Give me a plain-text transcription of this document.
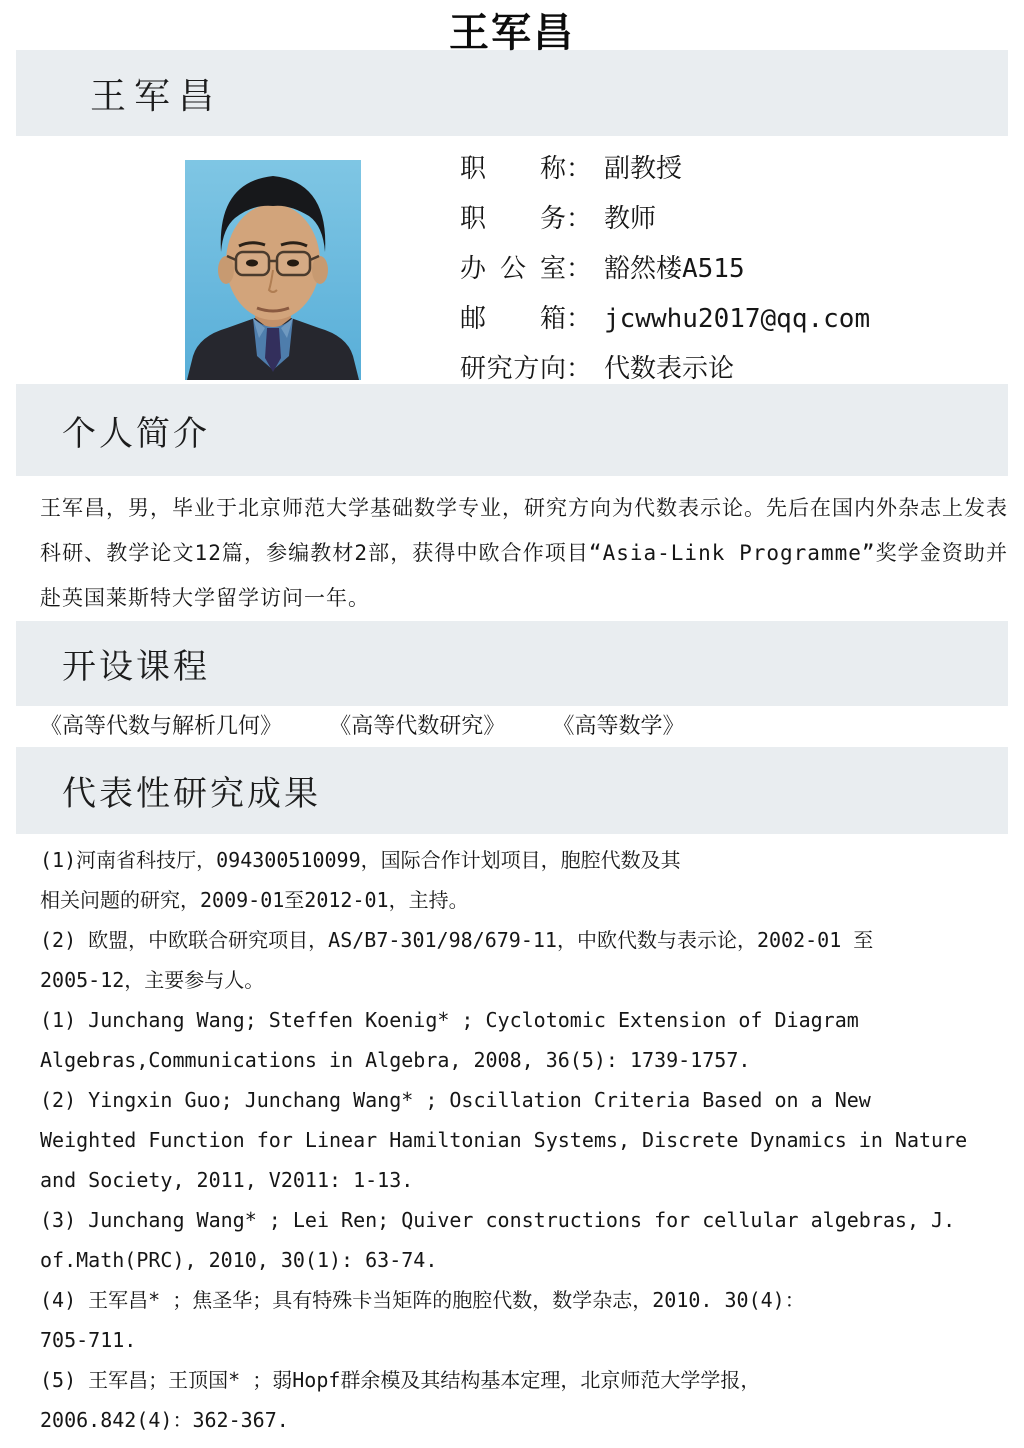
王军昌
王军昌
职称 ： 副教授
职务 ： 教师
办公室 ： 豁然楼A515
邮箱 ： jcwwhu2017@qq.com
研究方向 ： 代数表示论
个人简介

王军昌，男，毕业于北京师范大学基础数学专业，研究方向为代数表示论。先后在国内外杂志上发表科研、教学论文12篇，参编教材2部，获得中欧合作项目“Asia-Link Programme”奖学金资助并赴英国莱斯特大学留学访问一年。

开设课程
《高等代数与解析几何》 《高等代数研究》 《高等数学》
代表性研究成果
(1)河南省科技厅，094300510099，国际合作计划项目，胞腔代数及其
相关问题的研究，2009-01至2012-01，主持。
(2) 欧盟，中欧联合研究项目，AS/B7-301/98/679-11，中欧代数与表示论，2002-01 至
2005-12，主要参与人。
(1) Junchang Wang; Steffen Koenig* ; Cyclotomic Extension of Diagram
Algebras,Communications in Algebra, 2008, 36(5): 1739-1757.
(2) Yingxin Guo; Junchang Wang* ; Oscillation Criteria Based on a New
Weighted Function for Linear Hamiltonian Systems, Discrete Dynamics in Nature
and Society, 2011, V2011: 1-13.
(3) Junchang Wang* ; Lei Ren; Quiver constructions for cellular algebras, J.
of.Math(PRC), 2010, 30(1): 63-74.
(4) 王军昌* ；焦圣华；具有特殊卡当矩阵的胞腔代数，数学杂志，2010. 30(4)：
705-711.
(5) 王军昌；王顶国* ；弱Hopf群余模及其结构基本定理，北京师范大学学报，
2006.842(4)：362-367.
